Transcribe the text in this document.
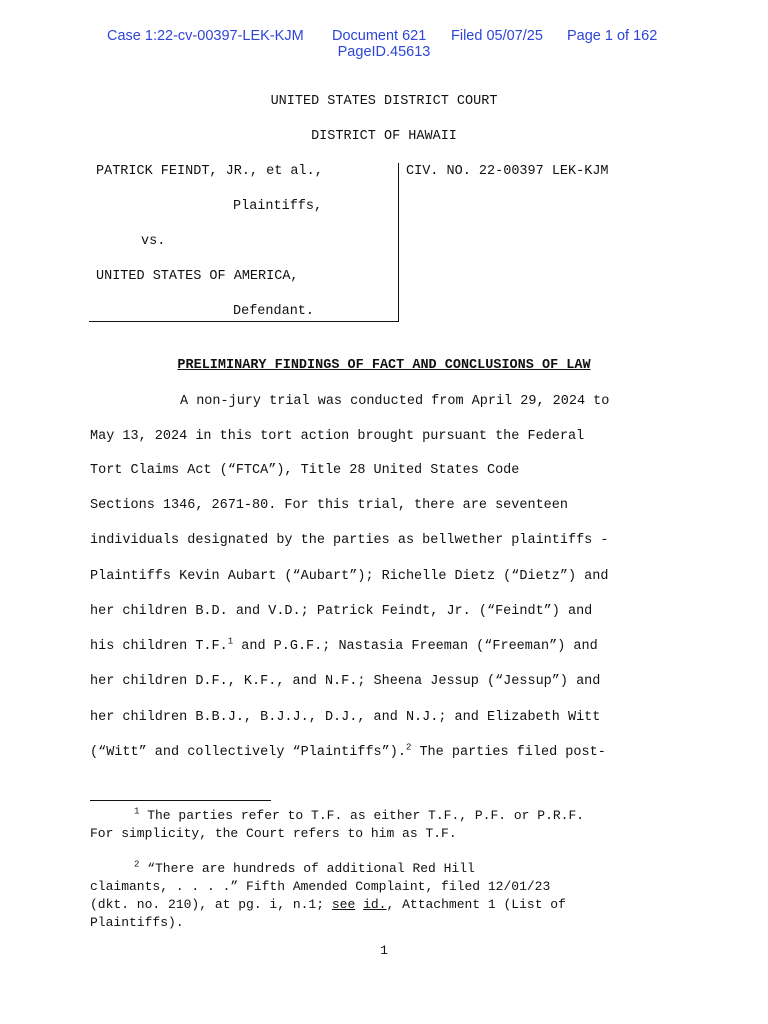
Case 1:22-cv-00397-LEK-KJM Document 621 Filed 05/07/25 Page 1 of 162
PageID.45613
UNITED STATES DISTRICT COURT
DISTRICT OF HAWAII
PATRICK FEINDT, JR., et al.,
Plaintiffs,
vs.
UNITED STATES OF AMERICA,
Defendant.
CIV. NO. 22-00397 LEK-KJM
PRELIMINARY FINDINGS OF FACT AND CONCLUSIONS OF LAW
A non-jury trial was conducted from April 29, 2024 to
May 13, 2024 in this tort action brought pursuant the Federal
Tort Claims Act (“FTCA”), Title 28 United States Code
Sections 1346, 2671-80. For this trial, there are seventeen
individuals designated by the parties as bellwether plaintiffs -
Plaintiffs Kevin Aubart (“Aubart”); Richelle Dietz (“Dietz”) and
her children B.D. and V.D.; Patrick Feindt, Jr. (“Feindt”) and
his children T.F.$^1$ and P.G.F.; Nastasia Freeman (“Freeman”) and
her children D.F., K.F., and N.F.; Sheena Jessup (“Jessup”) and
her children B.B.J., B.J.J., D.J., and N.J.; and Elizabeth Witt
(“Witt” and collectively “Plaintiffs”).$^2$ The parties filed post-
$^1$ The parties refer to T.F. as either T.F., P.F. or P.R.F.
For simplicity, the Court refers to him as T.F.
$^2$ “There are hundreds of additional Red Hill
claimants, . . . .” Fifth Amended Complaint, filed 12/01/23
(dkt. no. 210), at pg. i, n.1; see id., Attachment 1 (List of
Plaintiffs).
1
